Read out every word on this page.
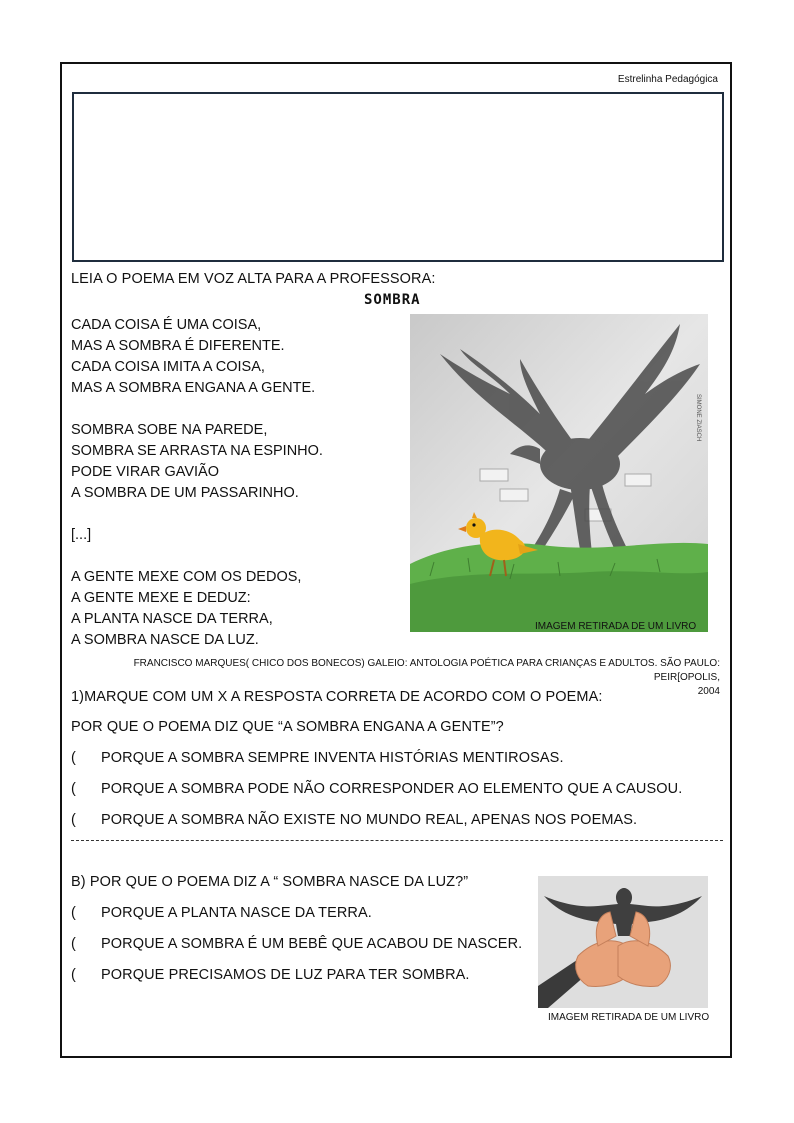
Estrelinha Pedagógica
LEIA O POEMA EM VOZ ALTA PARA A PROFESSORA:
SOMBRA
CADA COISA É UMA COISA,
MAS A SOMBRA É DIFERENTE.
CADA COISA IMITA A COISA,
MAS A SOMBRA ENGANA A GENTE.
SOMBRA SOBE NA PAREDE,
SOMBRA SE ARRASTA NA ESPINHO.
PODE VIRAR GAVIÃO
A SOMBRA DE UM PASSARINHO.
[...]
A GENTE MEXE COM OS DEDOS,
A GENTE MEXE E DEDUZ:
A PLANTA NASCE DA TERRA,
A SOMBRA NASCE DA LUZ.
SIMONE ZIASCH
IMAGEM RETIRADA DE UM LIVRO
FRANCISCO MARQUES( CHICO DOS BONECOS) GALEIO: ANTOLOGIA POÉTICA PARA CRIANÇAS E ADULTOS. SÃO PAULO: PEIR[OPOLIS,
2004
1)MARQUE COM UM X A RESPOSTA CORRETA DE ACORDO COM O POEMA:
POR QUE O POEMA DIZ QUE “A SOMBRA ENGANA A GENTE”?
( PORQUE A SOMBRA SEMPRE INVENTA HISTÓRIAS MENTIROSAS.
( PORQUE A SOMBRA PODE NÃO CORRESPONDER AO ELEMENTO QUE A CAUSOU.
( PORQUE A SOMBRA NÃO EXISTE NO MUNDO REAL, APENAS NOS POEMAS.
B) POR QUE O POEMA DIZ A “ SOMBRA NASCE DA LUZ?”
( PORQUE A PLANTA NASCE DA TERRA.
( PORQUE A SOMBRA É UM BEBÊ QUE ACABOU DE NASCER.
( PORQUE PRECISAMOS DE LUZ PARA TER SOMBRA.
IMAGEM RETIRADA DE UM LIVRO
